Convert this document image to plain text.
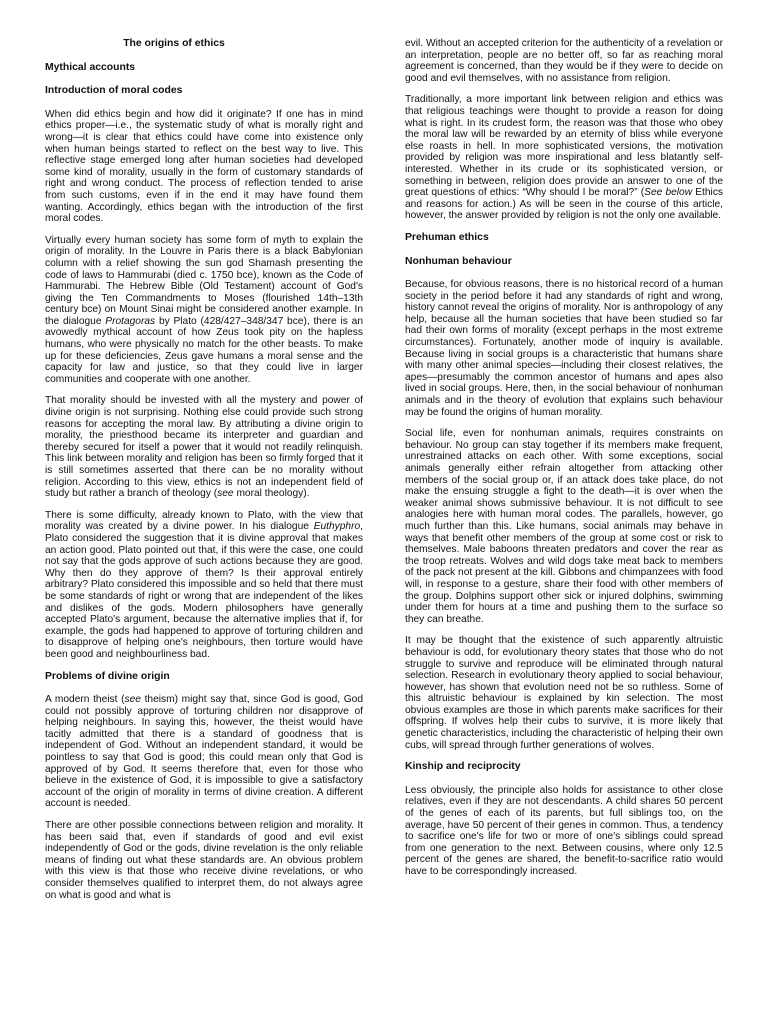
The origins of ethics
Mythical accounts
Introduction of moral codes

When did ethics begin and how did it originate? If one has in mind ethics proper—i.e., the systematic study of what is morally right and wrong—it is clear that ethics could have come into existence only when human beings started to reflect on the best way to live. This reflective stage emerged long after human societies had developed some kind of morality, usually in the form of customary standards of right and wrong conduct. The process of reflection tended to arise from such customs, even if in the end it may have found them wanting. Accordingly, ethics began with the introduction of the first moral codes.

Virtually every human society has some form of myth to explain the origin of morality. In the Louvre in Paris there is a black Babylonian column with a relief showing the sun god Shamash presenting the code of laws to Hammurabi (died c. 1750 bce), known as the Code of Hammurabi. The Hebrew Bible (Old Testament) account of God's giving the Ten Commandments to Moses (flourished 14th–13th century bce) on Mount Sinai might be considered another example. In the dialogue Protagoras by Plato (428/427–348/347 bce), there is an avowedly mythical account of how Zeus took pity on the hapless humans, who were physically no match for the other beasts. To make up for these deficiencies, Zeus gave humans a moral sense and the capacity for law and justice, so that they could live in larger communities and cooperate with one another.

That morality should be invested with all the mystery and power of divine origin is not surprising. Nothing else could provide such strong reasons for accepting the moral law. By attributing a divine origin to morality, the priesthood became its interpreter and guardian and thereby secured for itself a power that it would not readily relinquish. This link between morality and religion has been so firmly forged that it is still sometimes asserted that there can be no morality without religion. According to this view, ethics is not an independent field of study but rather a branch of theology (see moral theology).

There is some difficulty, already known to Plato, with the view that morality was created by a divine power. In his dialogue Euthyphro, Plato considered the suggestion that it is divine approval that makes an action good. Plato pointed out that, if this were the case, one could not say that the gods approve of such actions because they are good. Why then do they approve of them? Is their approval entirely arbitrary? Plato considered this impossible and so held that there must be some standards of right or wrong that are independent of the likes and dislikes of the gods. Modern philosophers have generally accepted Plato's argument, because the alternative implies that if, for example, the gods had happened to approve of torturing children and to disapprove of helping one's neighbours, then torture would have been good and neighbourliness bad.

Problems of divine origin

A modern theist (see theism) might say that, since God is good, God could not possibly approve of torturing children nor disapprove of helping neighbours. In saying this, however, the theist would have tacitly admitted that there is a standard of goodness that is independent of God. Without an independent standard, it would be pointless to say that God is good; this could mean only that God is approved of by God. It seems therefore that, even for those who believe in the existence of God, it is impossible to give a satisfactory account of the origin of morality in terms of divine creation. A different account is needed.

There are other possible connections between religion and morality. It has been said that, even if standards of good and evil exist independently of God or the gods, divine revelation is the only reliable means of finding out what these standards are. An obvious problem with this view is that those who receive divine revelations, or who consider themselves qualified to interpret them, do not always agree on what is good and what is

evil. Without an accepted criterion for the authenticity of a revelation or an interpretation, people are no better off, so far as reaching moral agreement is concerned, than they would be if they were to decide on good and evil themselves, with no assistance from religion.

Traditionally, a more important link between religion and ethics was that religious teachings were thought to provide a reason for doing what is right. In its crudest form, the reason was that those who obey the moral law will be rewarded by an eternity of bliss while everyone else roasts in hell. In more sophisticated versions, the motivation provided by religion was more inspirational and less blatantly self-interested. Whether in its crude or its sophisticated version, or something in between, religion does provide an answer to one of the great questions of ethics: “Why should I be moral?” (See below Ethics and reasons for action.) As will be seen in the course of this article, however, the answer provided by religion is not the only one available.

Prehuman ethics
Nonhuman behaviour

Because, for obvious reasons, there is no historical record of a human society in the period before it had any standards of right and wrong, history cannot reveal the origins of morality. Nor is anthropology of any help, because all the human societies that have been studied so far had their own forms of morality (except perhaps in the most extreme circumstances). Fortunately, another mode of inquiry is available. Because living in social groups is a characteristic that humans share with many other animal species—including their closest relatives, the apes—presumably the common ancestor of humans and apes also lived in social groups. Here, then, in the social behaviour of nonhuman animals and in the theory of evolution that explains such behaviour may be found the origins of human morality.

Social life, even for nonhuman animals, requires constraints on behaviour. No group can stay together if its members make frequent, unrestrained attacks on each other. With some exceptions, social animals generally either refrain altogether from attacking other members of the social group or, if an attack does take place, do not make the ensuing struggle a fight to the death—it is over when the weaker animal shows submissive behaviour. It is not difficult to see analogies here with human moral codes. The parallels, however, go much further than this. Like humans, social animals may behave in ways that benefit other members of the group at some cost or risk to themselves. Male baboons threaten predators and cover the rear as the troop retreats. Wolves and wild dogs take meat back to members of the pack not present at the kill. Gibbons and chimpanzees with food will, in response to a gesture, share their food with other members of the group. Dolphins support other sick or injured dolphins, swimming under them for hours at a time and pushing them to the surface so they can breathe.

It may be thought that the existence of such apparently altruistic behaviour is odd, for evolutionary theory states that those who do not struggle to survive and reproduce will be eliminated through natural selection. Research in evolutionary theory applied to social behaviour, however, has shown that evolution need not be so ruthless. Some of this altruistic behaviour is explained by kin selection. The most obvious examples are those in which parents make sacrifices for their offspring. If wolves help their cubs to survive, it is more likely that genetic characteristics, including the characteristic of helping their own cubs, will spread through further generations of wolves.

Kinship and reciprocity

Less obviously, the principle also holds for assistance to other close relatives, even if they are not descendants. A child shares 50 percent of the genes of each of its parents, but full siblings too, on the average, have 50 percent of their genes in common. Thus, a tendency to sacrifice one's life for two or more of one's siblings could spread from one generation to the next. Between cousins, where only 12.5 percent of the genes are shared, the benefit-to-sacrifice ratio would have to be correspondingly increased.
